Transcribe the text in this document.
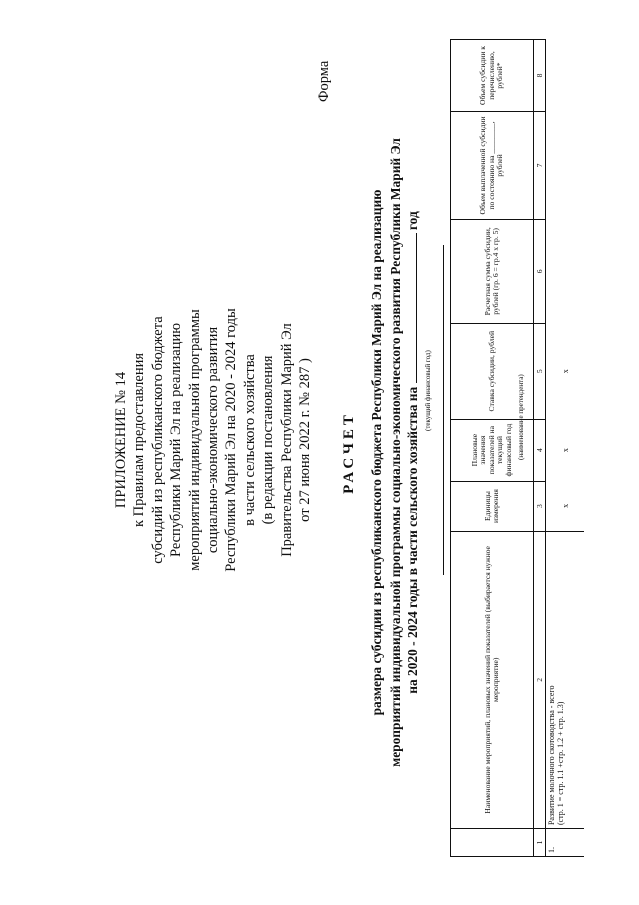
ПРИЛОЖЕНИЕ № 14 к Правилам предоставления субсидий из республиканского бюджета Республики Марий Эл на реализацию мероприятий индивидуальной программы социально-экономического развития Республики Марий Эл на 2020 - 2024 годы в части сельского хозяйства (в редакции постановления Правительства Республики Марий Эл от 27 июня 2022 г. № 287 )
Форма
РАСЧЕТ размера субсидии из республиканского бюджета Республики Марий Эл на реализацию мероприятий индивидуальной программы социально-экономического развития Республики Марий Эл на 2020 - 2024 годы в части сельского хозяйства на  год
(текущий финансовый год)
	Наименование мероприятий, плановых значений показателей (выбирается нужное мероприятие)	Единицы измерения	Плановые значения показателей на текущий финансовый год	Ставка субсидии, рублей	Расчетная сумма субсидии, рублей (гр. 6 = гр.4 х гр. 5)	Объем выплаченной субсидии по состоянию на ________, рублей	Объем субсидии к перечислению, рублей*
1	2	3	4	5	6	7	8
1.	Развитие молочного скотоводства - всего (стр. 1 = стр. 1.1 +стр. 1.2 + стр. 1.3)	х	х	х			
(наименование претендента)
